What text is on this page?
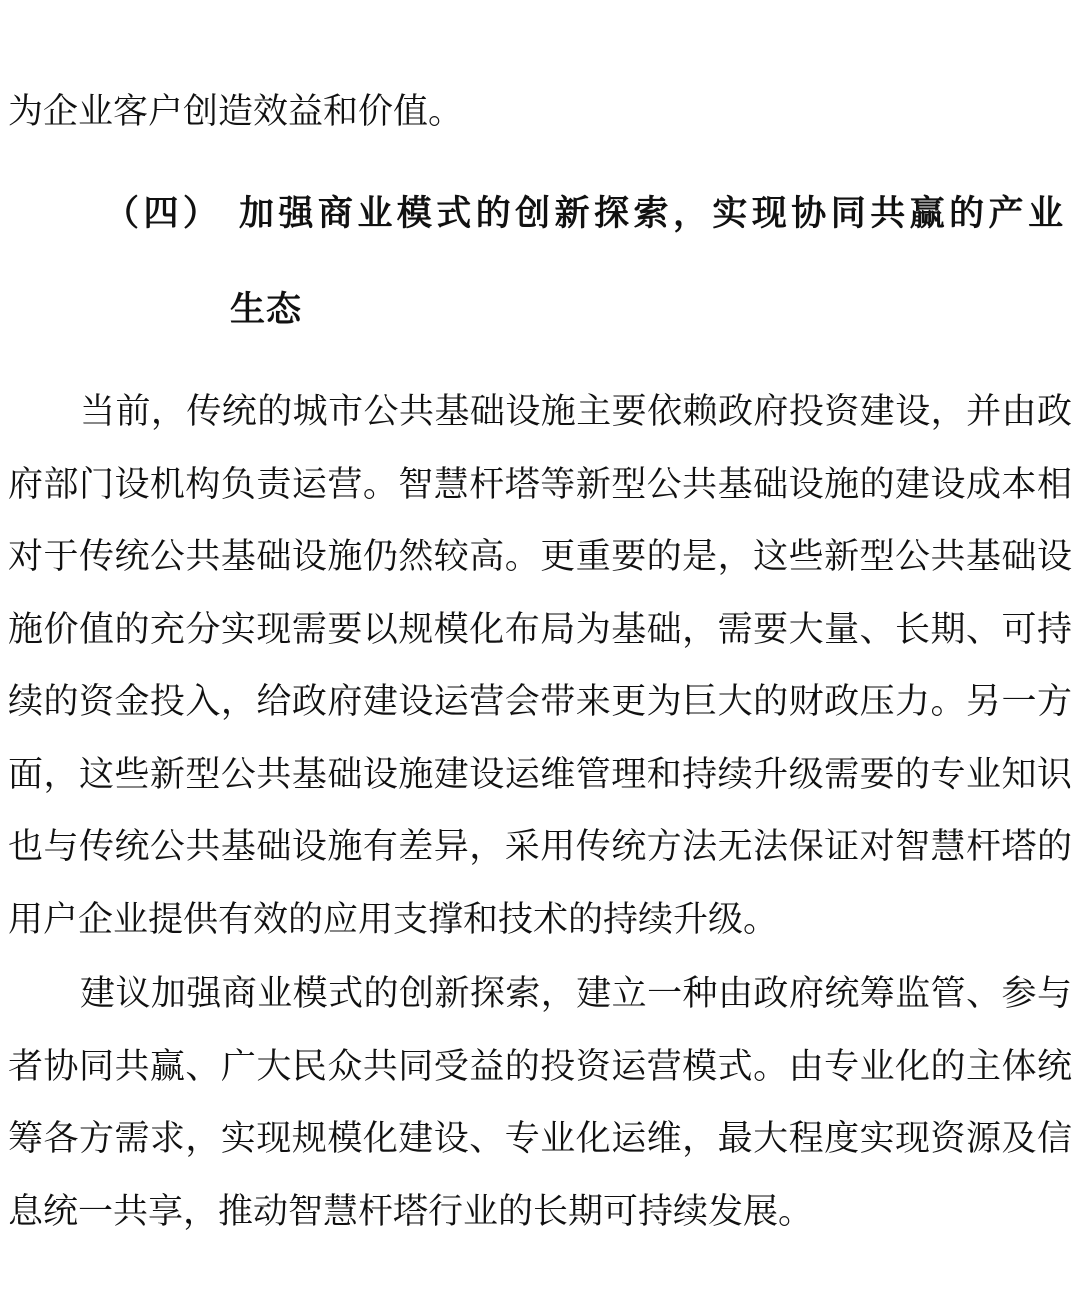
为企业客户创造效益和价值。
（四） 加强商业模式的创新探索，实现协同共赢的产业
生态
当前，传统的城市公共基础设施主要依赖政府投资建设，并由政
府部门设机构负责运营。智慧杆塔等新型公共基础设施的建设成本相
对于传统公共基础设施仍然较高。更重要的是，这些新型公共基础设
施价值的充分实现需要以规模化布局为基础，需要大量、长期、可持
续的资金投入，给政府建设运营会带来更为巨大的财政压力。另一方
面，这些新型公共基础设施建设运维管理和持续升级需要的专业知识
也与传统公共基础设施有差异，采用传统方法无法保证对智慧杆塔的
用户企业提供有效的应用支撑和技术的持续升级。
建议加强商业模式的创新探索，建立一种由政府统筹监管、参与
者协同共赢、广大民众共同受益的投资运营模式。由专业化的主体统
筹各方需求，实现规模化建设、专业化运维，最大程度实现资源及信
息统一共享，推动智慧杆塔行业的长期可持续发展。
